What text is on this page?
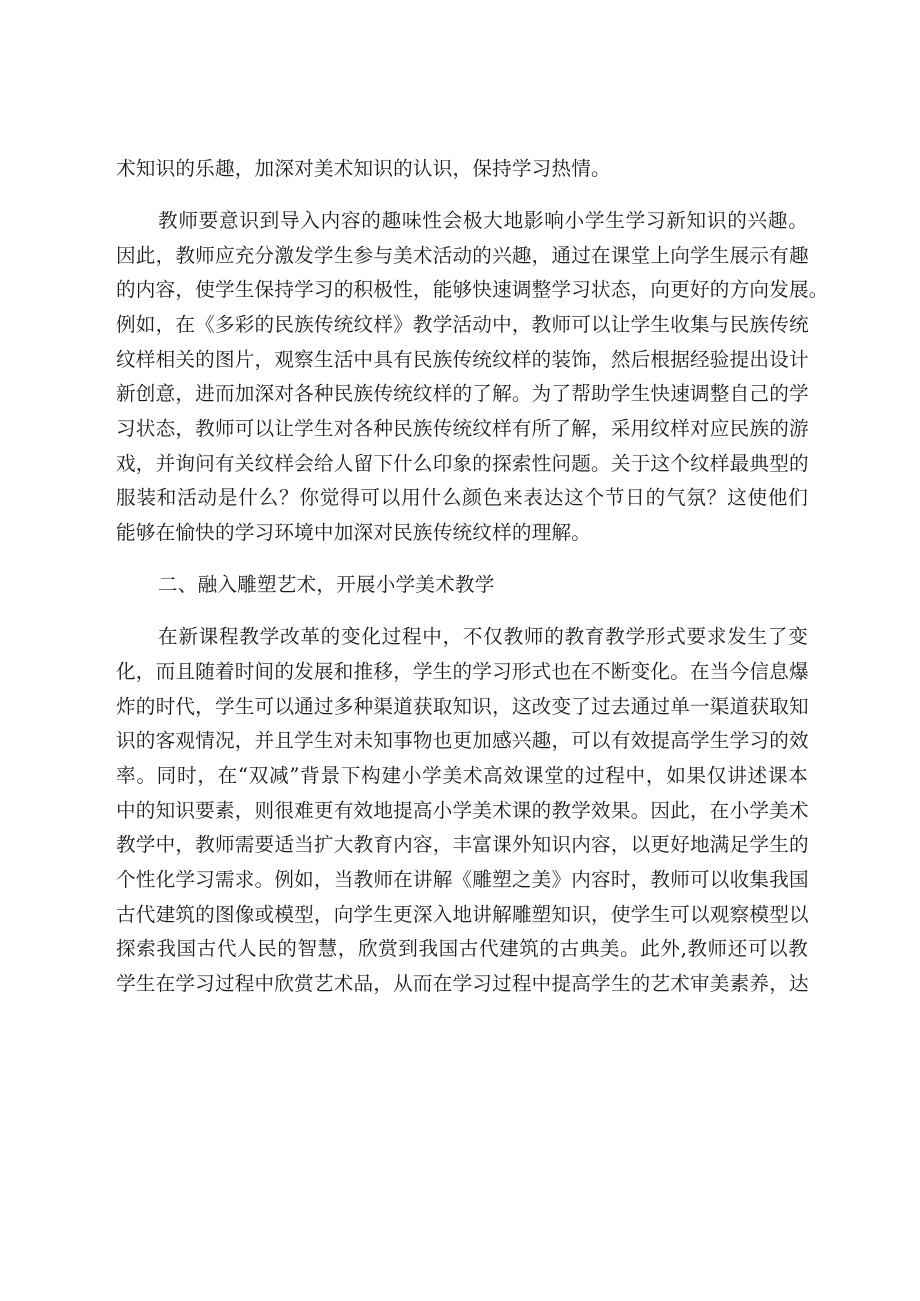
术知识的乐趣，加深对美术知识的认识，保持学习热情。
教师要意识到导入内容的趣味性会极大地影响小学生学习新知识的兴趣。
因此，教师应充分激发学生参与美术活动的兴趣，通过在课堂上向学生展示有趣
的内容，使学生保持学习的积极性，能够快速调整学习状态，向更好的方向发展。
例如，在《多彩的民族传统纹样》教学活动中，教师可以让学生收集与民族传统
纹样相关的图片，观察生活中具有民族传统纹样的装饰，然后根据经验提出设计
新创意，进而加深对各种民族传统纹样的了解。为了帮助学生快速调整自己的学
习状态，教师可以让学生对各种民族传统纹样有所了解，采用纹样对应民族的游
戏，并询问有关纹样会给人留下什么印象的探索性问题。关于这个纹样最典型的
服装和活动是什么？你觉得可以用什么颜色来表达这个节日的气氛？这使他们
能够在愉快的学习环境中加深对民族传统纹样的理解。
二、融入雕塑艺术，开展小学美术教学
在新课程教学改革的变化过程中，不仅教师的教育教学形式要求发生了变
化，而且随着时间的发展和推移，学生的学习形式也在不断变化。在当今信息爆
炸的时代，学生可以通过多种渠道获取知识，这改变了过去通过单一渠道获取知
识的客观情况，并且学生对未知事物也更加感兴趣，可以有效提高学生学习的效
率。同时，在“双减”背景下构建小学美术高效课堂的过程中，如果仅讲述课本
中的知识要素，则很难更有效地提高小学美术课的教学效果。因此，在小学美术
教学中，教师需要适当扩大教育内容，丰富课外知识内容，以更好地满足学生的
个性化学习需求。例如，当教师在讲解《雕塑之美》内容时，教师可以收集我国
古代建筑的图像或模型，向学生更深入地讲解雕塑知识，使学生可以观察模型以
探索我国古代人民的智慧，欣赏到我国古代建筑的古典美。此外,教师还可以教
学生在学习过程中欣赏艺术品，从而在学习过程中提高学生的艺术审美素养，达
